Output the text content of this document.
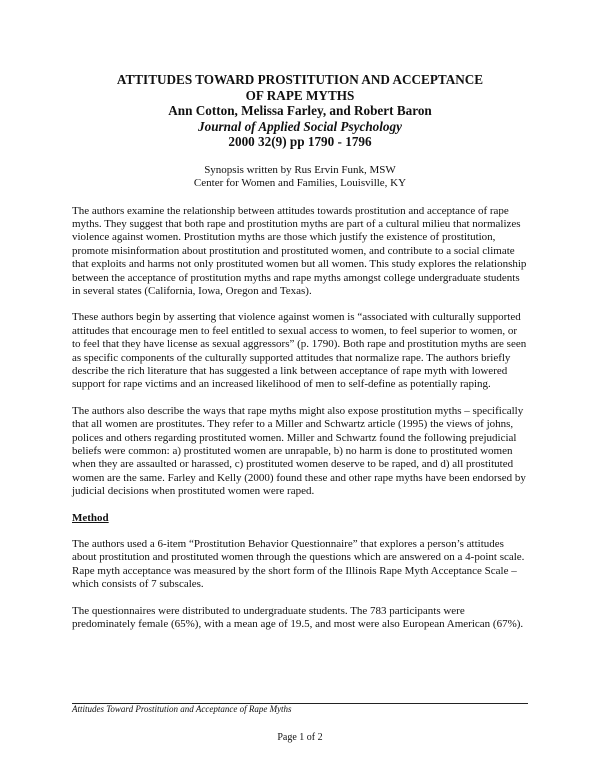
ATTITUDES TOWARD PROSTITUTION AND ACCEPTANCE
OF RAPE MYTHS
Ann Cotton, Melissa Farley, and Robert Baron
Journal of Applied Social Psychology
2000 32(9) pp 1790 - 1796
Synopsis written by Rus Ervin Funk, MSW
Center for Women and Families, Louisville, KY

The authors examine the relationship between attitudes towards prostitution and acceptance of rape myths. They suggest that both rape and prostitution myths are part of a cultural milieu that normalizes violence against women. Prostitution myths are those which justify the existence of prostitution, promote misinformation about prostitution and prostituted women, and contribute to a social climate that exploits and harms not only prostituted women but all women. This study explores the relationship between the acceptance of prostitution myths and rape myths amongst college undergraduate students in several states (California, Iowa, Oregon and Texas).

These authors begin by asserting that violence against women is “associated with culturally supported attitudes that encourage men to feel entitled to sexual access to women, to feel superior to women, or to feel that they have license as sexual aggressors” (p. 1790). Both rape and prostitution myths are seen as specific components of the culturally supported attitudes that normalize rape. The authors briefly describe the rich literature that has suggested a link between acceptance of rape myth with lowered support for rape victims and an increased likelihood of men to self-define as potentially raping.

The authors also describe the ways that rape myths might also expose prostitution myths – specifically that all women are prostitutes. They refer to a Miller and Schwartz article (1995) the views of johns, polices and others regarding prostituted women. Miller and Schwartz found the following prejudicial beliefs were common: a) prostituted women are unrapable, b) no harm is done to prostituted women when they are assaulted or harassed, c) prostituted women deserve to be raped, and d) all prostituted women are the same. Farley and Kelly (2000) found these and other rape myths have been endorsed by judicial decisions when prostituted women were raped.

Method

The authors used a 6-item “Prostitution Behavior Questionnaire” that explores a person’s attitudes about prostitution and prostituted women through the questions which are answered on a 4-point scale. Rape myth acceptance was measured by the short form of the Illinois Rape Myth Acceptance Scale – which consists of 7 subscales.

The questionnaires were distributed to undergraduate students. The 783 participants were predominately female (65%), with a mean age of 19.5, and most were also European American (67%).

Attitudes Toward Prostitution and Acceptance of Rape Myths
Page 1 of 2
